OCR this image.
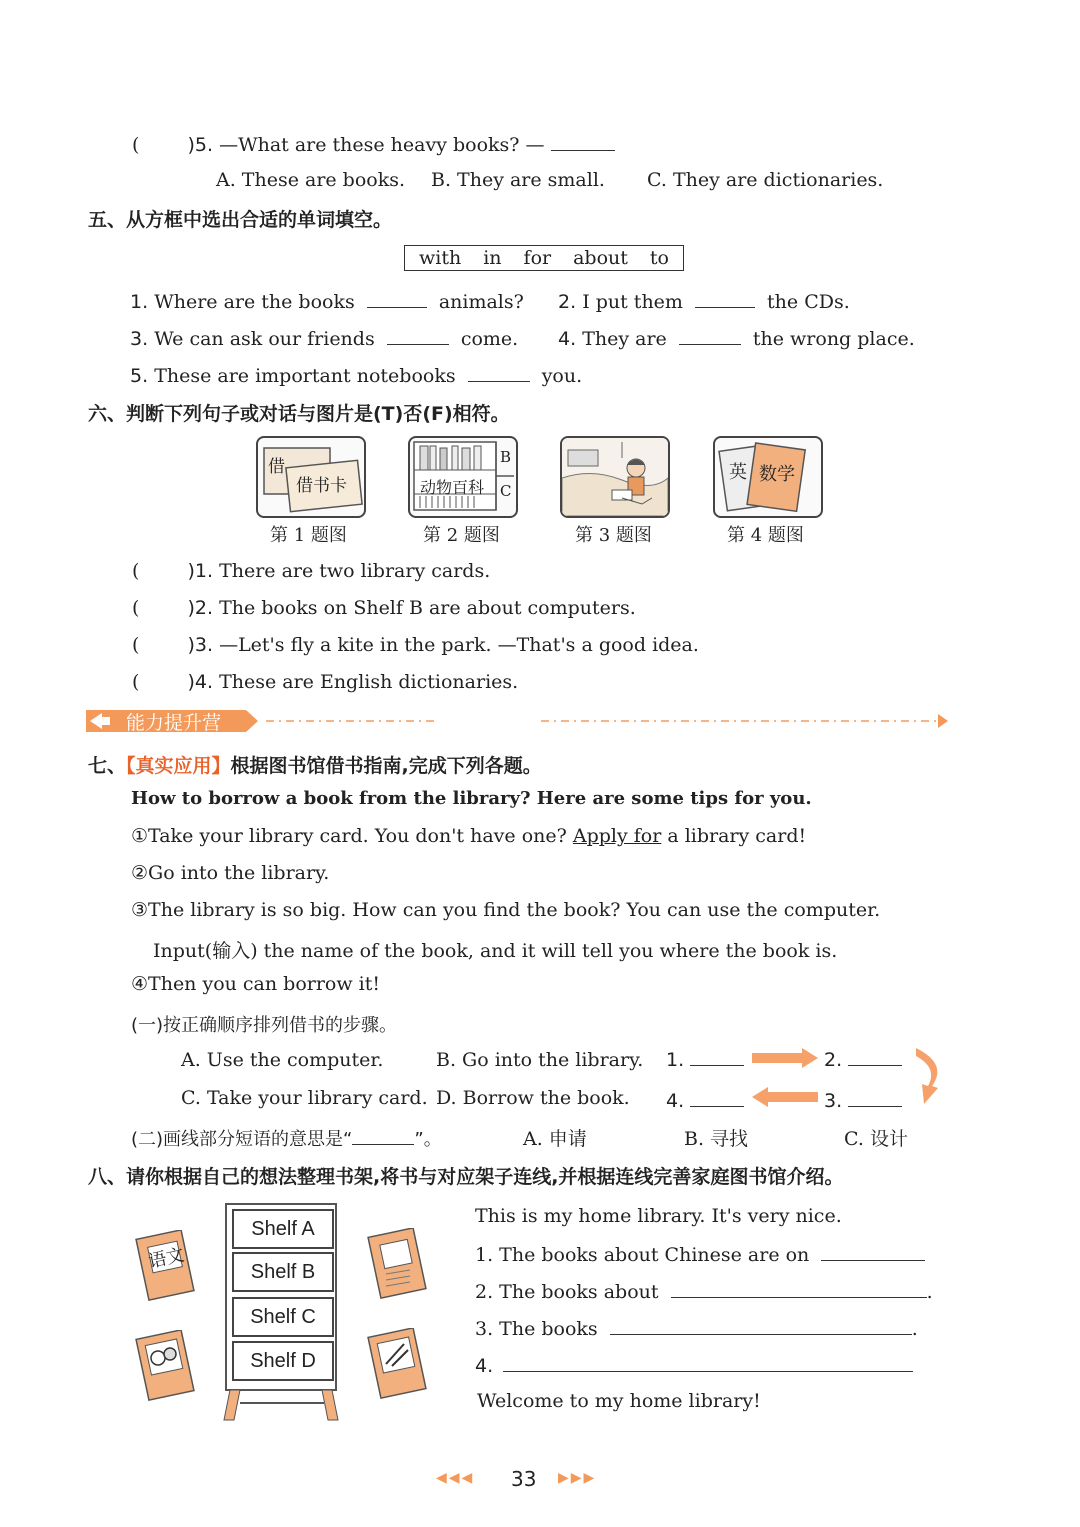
(	)5. —What are these heavy books? —
A. These are books. B. They are small. C. They are dictionaries.
五、从方框中选出合适的单词填空。
with in for about to
1. Where are the books	animals? 2. I put them	the CDs.
3. We can ask our friends	come. 4. They are	the wrong place.
5. These are important notebooks	you.
六、判断下列句子或对话与图片是(T)否(F)相符。
借
借书卡
第 1 题图
动物百科
B
C
第 2 题图	第 3 题图
英 数学
第 4 题图
(	)1. There are two library cards.
(	)2. The books on Shelf B are about computers.
(	)3. —Let's fly a kite in the park. —That's a good idea.
(	)4. These are English dictionaries.
能力提升营
七、【真实应用】根据图书馆借书指南,完成下列各题。
How to borrow a book from the library? Here are some tips for you.
①Take your library card. You don't have one? Apply for a library card!
②Go into the library.
③The library is so big. How can you find the book? You can use the computer.
Input(输入) the name of the book, and it will tell you where the book is.
④Then you can borrow it!
(一)按正确顺序排列借书的步骤。
A. Use the computer.	B. Go into the library.
C. Take your library card. D. Borrow the book.
1.	2.
4.	3.
(二)画线部分短语的意思是“	”。	A. 申请	B. 寻找	C. 设计
八、请你根据自己的想法整理书架,将书与对应架子连线,并根据连线完善家庭图书馆介绍。
Shelf A
Shelf B
Shelf C
Shelf D
语文
This is my home library. It's very nice.
1. The books about Chinese are on
2. The books about	.
3. The books	.
4.
Welcome to my home library!
◀◀◀ 33 ▶▶▶
